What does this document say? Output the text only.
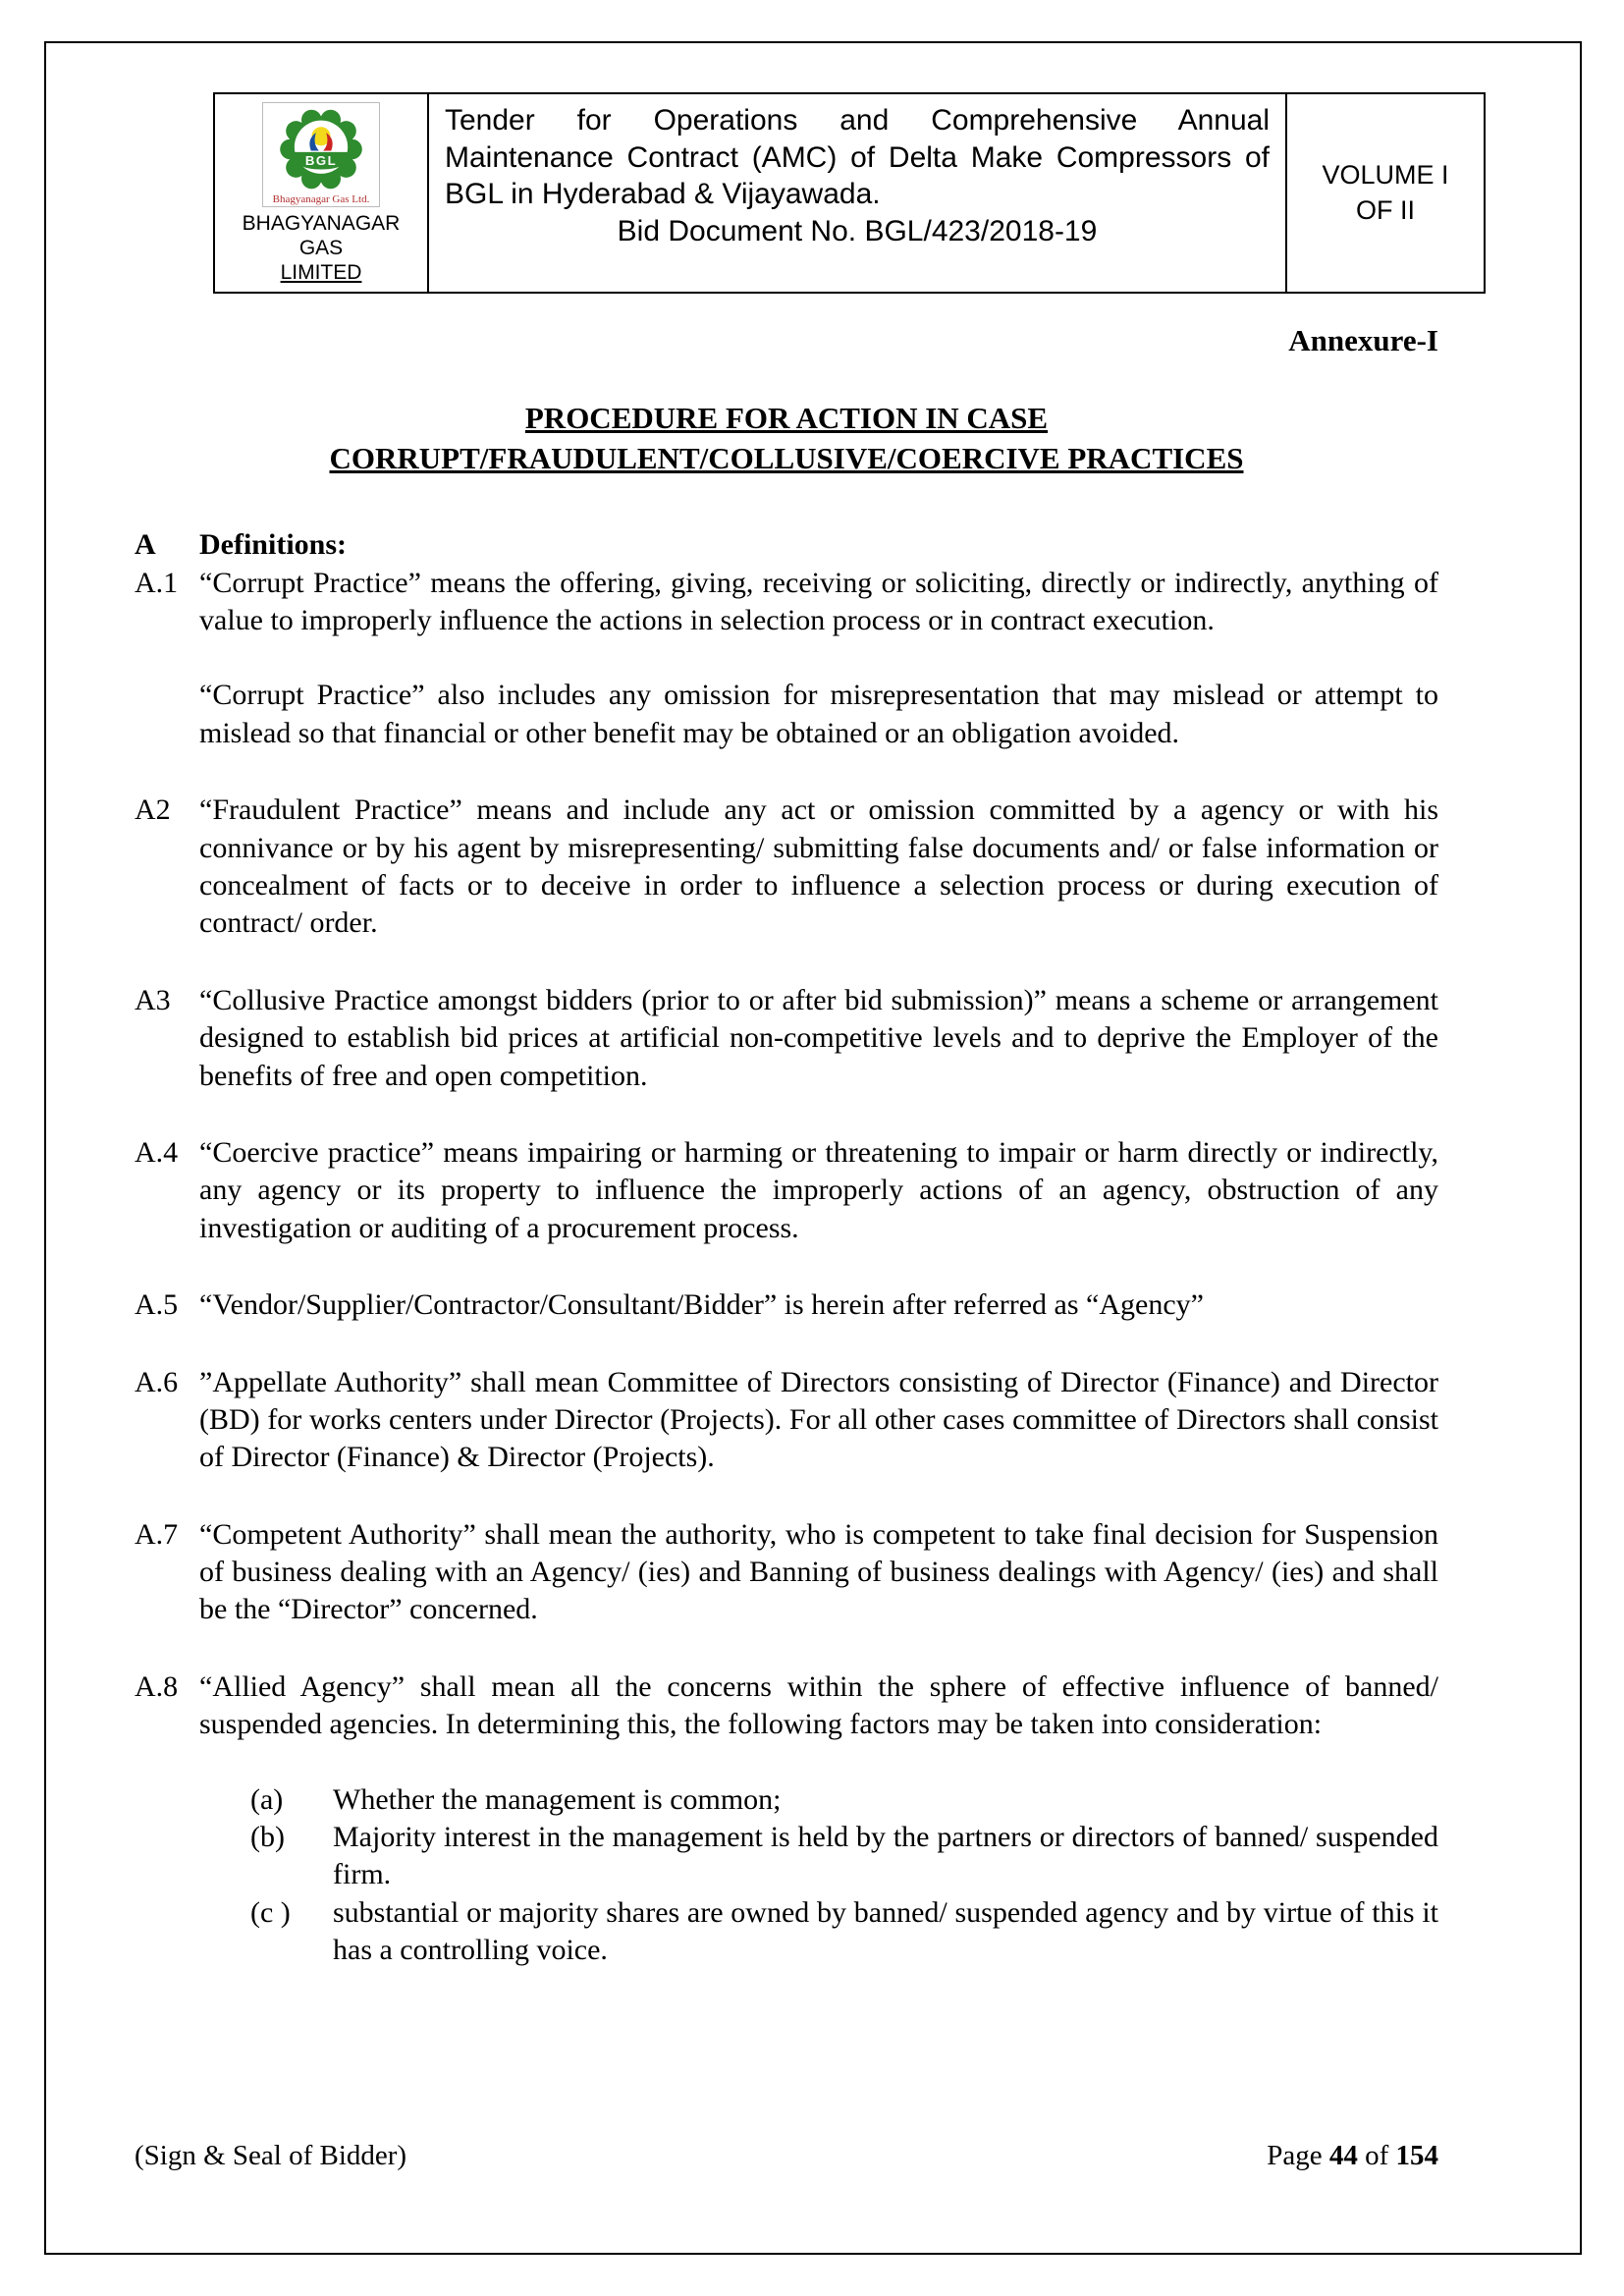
BGL
Bhagyanagar Gas Ltd.
BHAGYANAGAR GAS
LIMITED
Tender for Operations and Comprehensive Annual Maintenance Contract (AMC) of Delta Make Compressors of BGL in Hyderabad & Vijayawada.
Bid Document No. BGL/423/2018-19
VOLUME I
OF II
Annexure-I
PROCEDURE FOR ACTION IN CASE
CORRUPT/FRAUDULENT/COLLUSIVE/COERCIVE PRACTICES
A	Definitions:
A.1 “Corrupt Practice” means the offering, giving, receiving or soliciting, directly or indirectly, anything of value to improperly influence the actions in selection process or in contract execution.

“Corrupt Practice” also includes any omission for misrepresentation that may mislead or attempt to mislead so that financial or other benefit may be obtained or an obligation avoided.

A2 “Fraudulent Practice” means and include any act or omission committed by a agency or with his connivance or by his agent by misrepresenting/ submitting false documents and/ or false information or concealment of facts or to deceive in order to influence a selection process or during execution of contract/ order.

A3 “Collusive Practice amongst bidders (prior to or after bid submission)” means a scheme or arrangement designed to establish bid prices at artificial non-competitive levels and to deprive the Employer of the benefits of free and open competition.

A.4 “Coercive practice” means impairing or harming or threatening to impair or harm directly or indirectly, any agency or its property to influence the improperly actions of an agency, obstruction of any investigation or auditing of a procurement process.

A.5 “Vendor/Supplier/Contractor/Consultant/Bidder” is herein after referred as “Agency”

A.6 ”Appellate Authority” shall mean Committee of Directors consisting of Director (Finance) and Director (BD) for works centers under Director (Projects). For all other cases committee of Directors shall consist of Director (Finance) & Director (Projects).

A.7 “Competent Authority” shall mean the authority, who is competent to take final decision for Suspension of business dealing with an Agency/ (ies) and Banning of business dealings with Agency/ (ies) and shall be the “Director” concerned.

A.8 “Allied Agency” shall mean all the concerns within the sphere of effective influence of banned/ suspended agencies. In determining this, the following factors may be taken into consideration:

(a)	Whether the management is common;
(b)	Majority interest in the management is held by the partners or directors of banned/ suspended firm.
(c )	substantial or majority shares are owned by banned/ suspended agency and by virtue of this it has a controlling voice.
(Sign & Seal of Bidder)	Page 44 of 154
